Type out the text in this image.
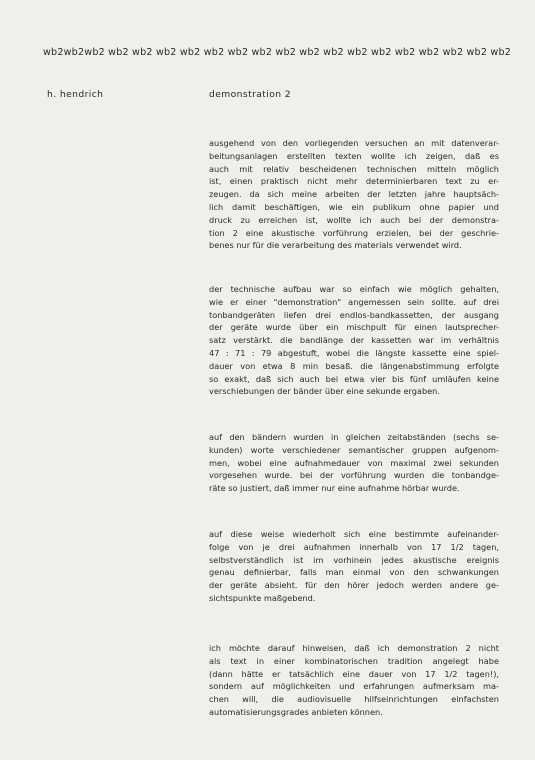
wb2wb2wb2 wb2 wb2 wb2 wb2 wb2 wb2 wb2 wb2 wb2 wb2 wb2 wb2 wb2 wb2 wb2 wb2 wb2
h. hendrich	demonstration 2
ausgehend von den vorliegenden versuchen an mit datenverar-
beitungsanlagen erstellten texten wollte ich zeigen, daß es
auch mit relativ bescheidenen technischen mitteln möglich
ist, einen praktisch nicht mehr determinierbaren text zu er-
zeugen. da sich meine arbeiten der letzten jahre hauptsäch-
lich damit beschäftigen, wie ein publikum ohne papier und
druck zu erreichen ist, wollte ich auch bei der demonstra-
tion 2 eine akustische vorführung erzielen, bei der geschrie-
benes nur für die verarbeitung des materials verwendet wird.
der technische aufbau war so einfach wie möglich gehalten,
wie er einer "demonstration" angemessen sein sollte. auf drei
tonbandgeräten liefen drei endlos-bandkassetten, der ausgang
der geräte wurde über ein mischpult für einen lautsprecher-
satz verstärkt. die bandlänge der kassetten war im verhältnis
47 : 71 : 79 abgestuft, wobei die längste kassette eine spiel-
dauer von etwa 8 min besaß. die längenabstimmung erfolgte
so exakt, daß sich auch bei etwa vier bis fünf umläufen keine
verschiebungen der bänder über eine sekunde ergaben.
auf den bändern wurden in gleichen zeitabständen (sechs se-
kunden) worte verschiedener semantischer gruppen aufgenom-
men, wobei eine aufnahmedauer von maximal zwei sekunden
vorgesehen wurde. bei der vorführung wurden die tonbandge-
räte so justiert, daß immer nur eine aufnahme hörbar wurde.
auf diese weise wiederholt sich eine bestimmte aufeinander-
folge von je drei aufnahmen innerhalb von 17 1/2 tagen,
selbstverständlich ist im vorhinein jedes akustische ereignis
genau definierbar, falls man einmal von den schwankungen
der geräte absieht. für den hörer jedoch werden andere ge-
sichtspunkte maßgebend.
ich möchte darauf hinweisen, daß ich demonstration 2 nicht
als text in einer kombinatorischen tradition angelegt habe
(dann hätte er tatsächlich eine dauer von 17 1/2 tagen!),
sondern auf möglichkeiten und erfahrungen aufmerksam ma-
chen will, die audiovisuelle hilfseinrichtungen einfachsten
automatisierungsgrades anbieten können.
